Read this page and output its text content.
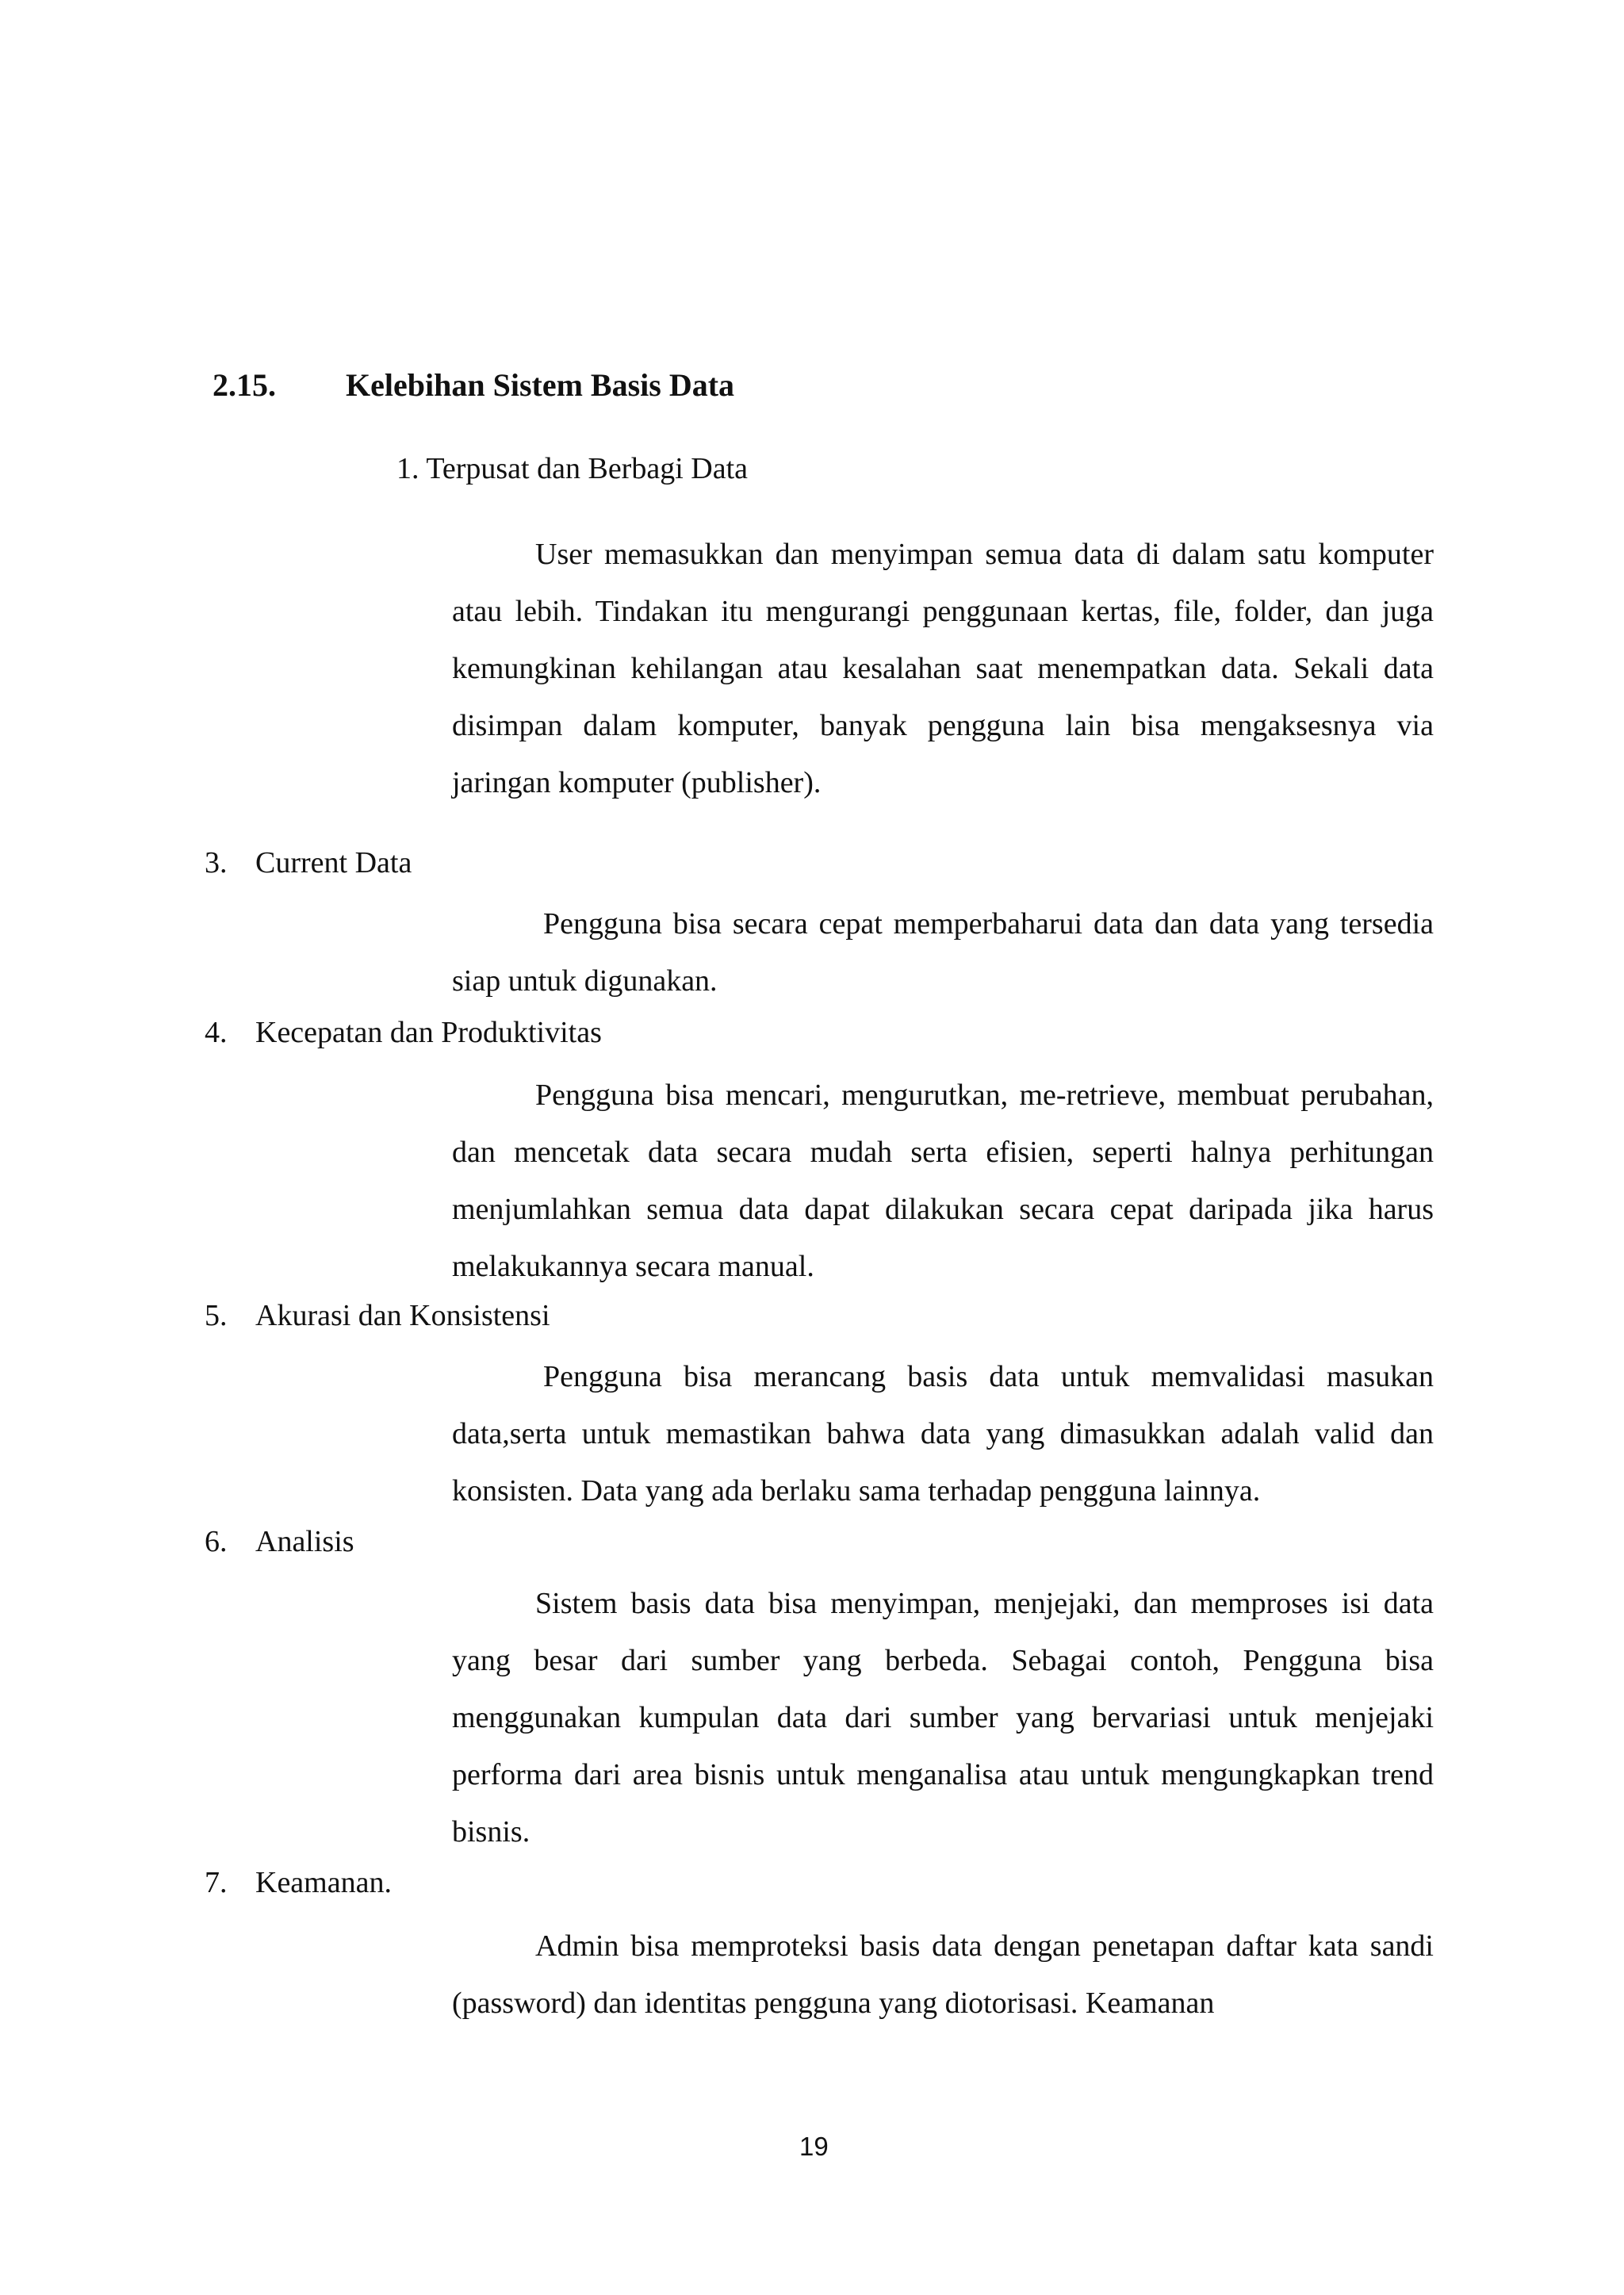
2.15. Kelebihan Sistem Basis Data
1. Terpusat dan Berbagi Data
User memasukkan dan menyimpan semua data di dalam satu komputer atau lebih. Tindakan itu mengurangi penggunaan kertas, file, folder, dan juga kemungkinan kehilangan atau kesalahan saat menempatkan data. Sekali data disimpan dalam komputer, banyak pengguna lain bisa mengaksesnya via jaringan komputer (publisher).
3. Current Data
Pengguna bisa secara cepat memperbaharui data dan data yang tersedia siap untuk digunakan.
4. Kecepatan dan Produktivitas
Pengguna bisa mencari, mengurutkan, me-retrieve, membuat perubahan, dan mencetak data secara mudah serta efisien, seperti halnya perhitungan menjumlahkan semua data dapat dilakukan secara cepat daripada jika harus melakukannya secara manual.
5. Akurasi dan Konsistensi
Pengguna bisa merancang basis data untuk memvalidasi masukan data,serta untuk memastikan bahwa data yang dimasukkan adalah valid dan konsisten. Data yang ada berlaku sama terhadap pengguna lainnya.
6. Analisis
Sistem basis data bisa menyimpan, menjejaki, dan memproses isi data yang besar dari sumber yang berbeda. Sebagai contoh, Pengguna bisa menggunakan kumpulan data dari sumber yang bervariasi untuk menjejaki performa dari area bisnis untuk menganalisa atau untuk mengungkapkan trend bisnis.
7. Keamanan.
Admin bisa memproteksi basis data dengan penetapan daftar kata sandi (password) dan identitas pengguna yang diotorisasi. Keamanan
19
